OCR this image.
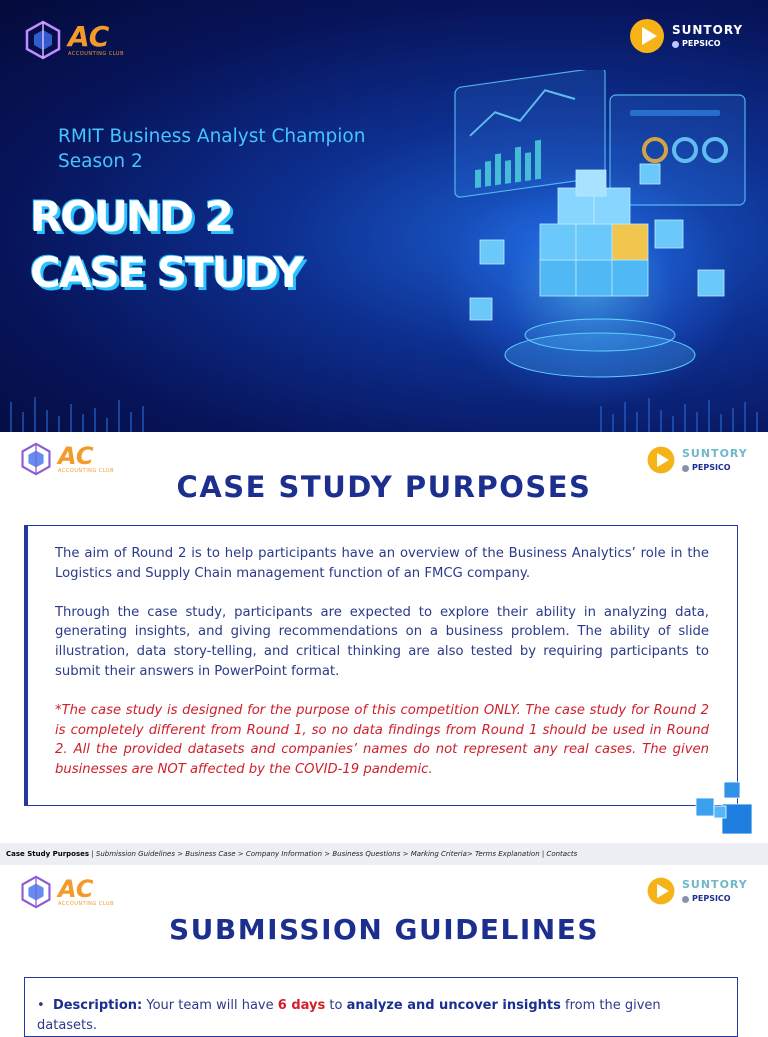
AC
ACCOUNTING CLUB
SUNTORY
PEPSICO
RMIT Business Analyst Champion
Season 2
ROUND 2
CASE STUDY
AC
ACCOUNTING CLUB
SUNTORY
PEPSICO
CASE STUDY PURPOSES

The aim of Round 2 is to help participants have an overview of the Business Analytics’ role in the Logistics and Supply Chain management function of an FMCG company.

Through the case study, participants are expected to explore their ability in analyzing data, generating insights, and giving recommendations on a business problem. The ability of slide illustration, data story-telling, and critical thinking are also tested by requiring participants to submit their answers in PowerPoint format.

*The case study is designed for the purpose of this competition ONLY. The case study for Round 2 is completely different from Round 1, so no data findings from Round 1 should be used in Round 2. All the provided datasets and companies’ names do not represent any real cases. The given businesses are NOT affected by the COVID-19 pandemic.

Case Study Purposes | Submission Guidelines > Business Case > Company Information > Business Questions > Marking Criteria> Terms Explanation | Contacts
AC
ACCOUNTING CLUB
SUNTORY
PEPSICO
SUBMISSION GUIDELINES
•  Description: Your team will have 6 days to analyze and uncover insights from the given datasets.
